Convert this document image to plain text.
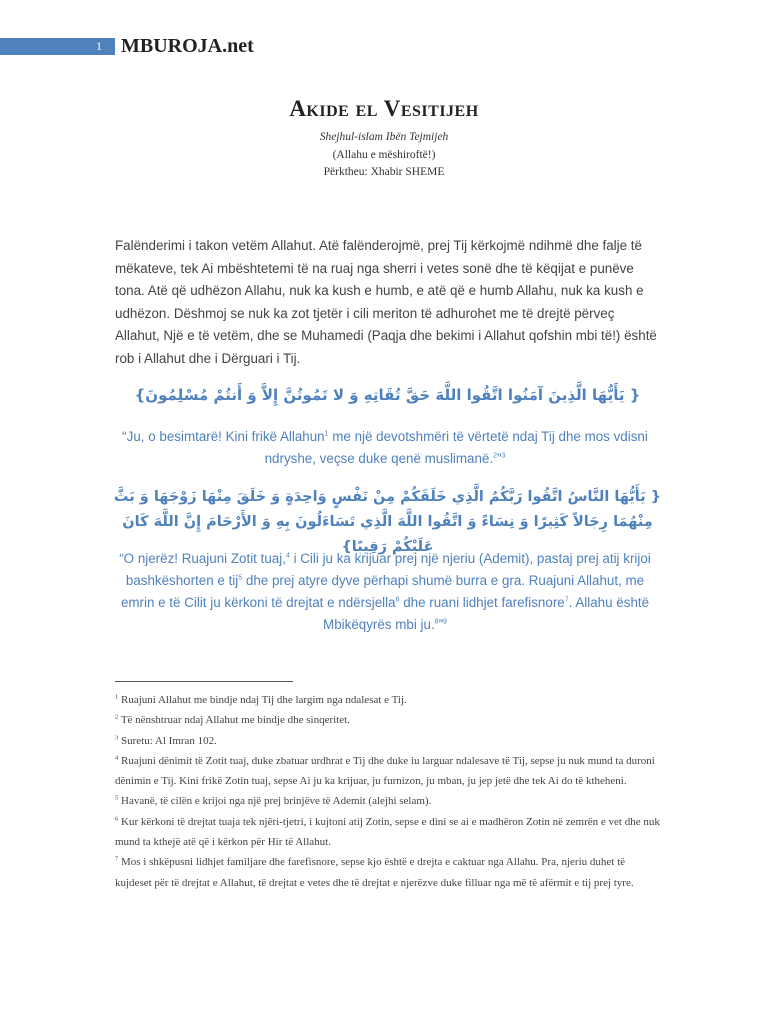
1 MBUROJA.net
Akide el Vesitijeh
Shejhul-islam Ibën Tejmijeh
(Allahu e mëshiroftë!)
Përktheu: Xhabir SHEME
Falënderimi i takon vetëm Allahut. Atë falënderojmë, prej Tij kërkojmë ndihmë dhe falje të mëkateve, tek Ai mbështetemi të na ruaj nga sherri i vetes sonë dhe të këqijat e punëve tona. Atë që udhëzon Allahu, nuk ka kush e humb, e atë që e humb Allahu, nuk ka kush e udhëzon. Dëshmoj se nuk ka zot tjetër i cili meriton të adhurohet me të drejtë përveç Allahut, Një e të vetëm, dhe se Muhamedi (Paqja dhe bekimi i Allahut qofshin mbi të!) është rob i Allahut dhe i Dërguari i Tij.
{ يَأَيُّهَا الَّذِينَ آمَنُوا اتَّقُوا اللَّهَ حَقَّ تُقَاتِهِ وَ لا تَمُوتُنَّ إِلاَّ وَ أَنتُمْ مُسْلِمُونَ}
“Ju, o besimtarë! Kini frikë Allahun$^1$ me një devotshmëri të vërtetë ndaj Tij dhe mos vdisni ndryshe, veçse duke qenë muslimanë.$^2$”$^3$
{ يَأَيُّهَا النَّاسُ اتَّقُوا رَبَّكُمُ الَّذِي خَلَقَكُمْ مِنْ نَفْسٍ وَاحِدَةٍ وَ خَلَقَ مِنْهَا زَوْجَهَا وَ بَثَّ مِنْهُمَا رِجَالاً كَثِيرًا وَ نِسَاءً وَ اتَّقُوا اللَّهَ الَّذِي تَسَاءَلُونَ بِهِ وَ الأَرْحَامَ إِنَّ اللَّهَ كَانَ عَلَيْكُمْ رَقِيبًا}
“O njerëz! Ruajuni Zotit tuaj,$^4$ i Cili ju ka krijuar prej një njeriu (Ademit), pastaj prej atij krijoi bashkëshorten e tij$^5$ dhe prej atyre dyve përhapi shumë burra e gra. Ruajuni Allahut, me emrin e të Cilit ju kërkoni të drejtat e ndërsjella$^6$ dhe ruani lidhjet farefisnore$^7$. Allahu është Mbikëqyrës mbi ju.$^8$”$^9$

$^1$ Ruajuni Allahut me bindje ndaj Tij dhe largim nga ndalesat e Tij.

$^2$ Të nënshtruar ndaj Allahut me bindje dhe sinqeritet.

$^3$ Suretu: Al Imran 102.

$^4$ Ruajuni dënimit të Zotit tuaj, duke zbatuar urdhrat e Tij dhe duke iu larguar ndalesave të Tij, sepse ju nuk mund ta duroni dënimin e Tij. Kini frikë Zotin tuaj, sepse Ai ju ka krijuar, ju furnizon, ju mban, ju jep jetë dhe tek Ai do të ktheheni.

$^5$ Havanë, të cilën e krijoi nga një prej brinjëve të Ademit (alejhi selam).

$^6$ Kur kërkoni të drejtat tuaja tek njëri-tjetri, i kujtoni atij Zotin, sepse e dini se ai e madhëron Zotin në zemrën e vet dhe nuk mund ta kthejë atë që i kërkon për Hir të Allahut.

$^7$ Mos i shkëpusni lidhjet familjare dhe farefisnore, sepse kjo është e drejta e caktuar nga Allahu. Pra, njeriu duhet të kujdeset për të drejtat e Allahut, të drejtat e vetes dhe të drejtat e njerëzve duke filluar nga më të afërmit e tij prej tyre.
